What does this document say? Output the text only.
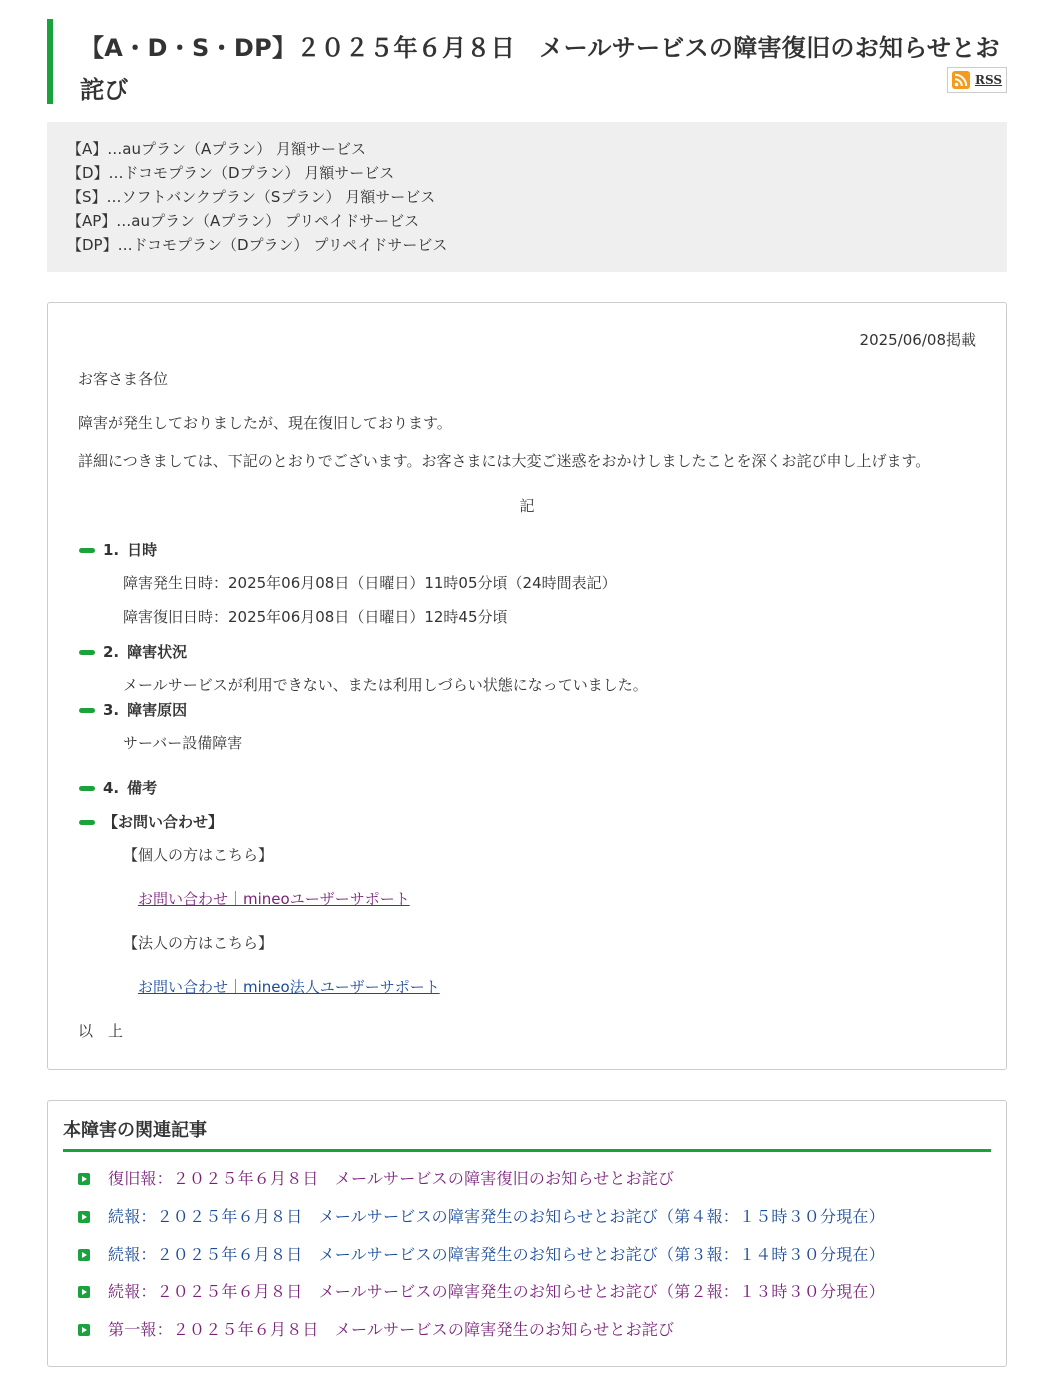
【A・D・S・DP】２０２５年６月８日　メールサービスの障害復旧のお知らせとお詫び	RSS
【A】…auプラン（Aプラン） 月額サービス
【D】…ドコモプラン（Dプラン） 月額サービス
【S】…ソフトバンクプラン（Sプラン） 月額サービス
【AP】…auプラン（Aプラン） プリペイドサービス
【DP】…ドコモプラン（Dプラン） プリペイドサービス
2025/06/08掲載
お客さま各位
障害が発生しておりましたが、現在復旧しております。
詳細につきましては、下記のとおりでございます。お客さまには大変ご迷惑をおかけしましたことを深くお詫び申し上げます。
記
1. 日時
障害発生日時：2025年06月08日（日曜日）11時05分頃（24時間表記）
障害復旧日時：2025年06月08日（日曜日）12時45分頃
2. 障害状況
メールサービスが利用できない、または利用しづらい状態になっていました。
3. 障害原因
サーバー設備障害
4. 備考
【お問い合わせ】
【個人の方はこちら】
お問い合わせ｜mineoユーザーサポート
【法人の方はこちら】
お問い合わせ｜mineo法人ユーザーサポート
以　上
本障害の関連記事
復旧報：２０２５年６月８日　メールサービスの障害復旧のお知らせとお詫び
続報：２０２５年６月８日　メールサービスの障害発生のお知らせとお詫び（第４報：１５時３０分現在）
続報：２０２５年６月８日　メールサービスの障害発生のお知らせとお詫び（第３報：１４時３０分現在）
続報：２０２５年６月８日　メールサービスの障害発生のお知らせとお詫び（第２報：１３時３０分現在）
第一報：２０２５年６月８日　メールサービスの障害発生のお知らせとお詫び
